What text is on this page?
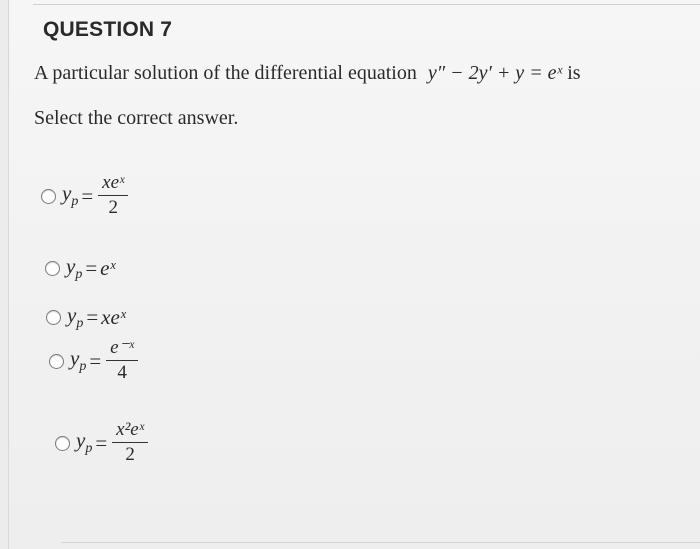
QUESTION 7
A particular solution of the differential equation y″ − 2y′ + y = eˣ is
Select the correct answer.
$y_p = \frac{\text{xeˣ}}{2}$
$y_p$ = eˣ
$y_p$ = xeˣ
$y_p = \frac{\text{e⁻ˣ}}{4}$
$y_p = \frac{\text{x²eˣ}}{2}$
